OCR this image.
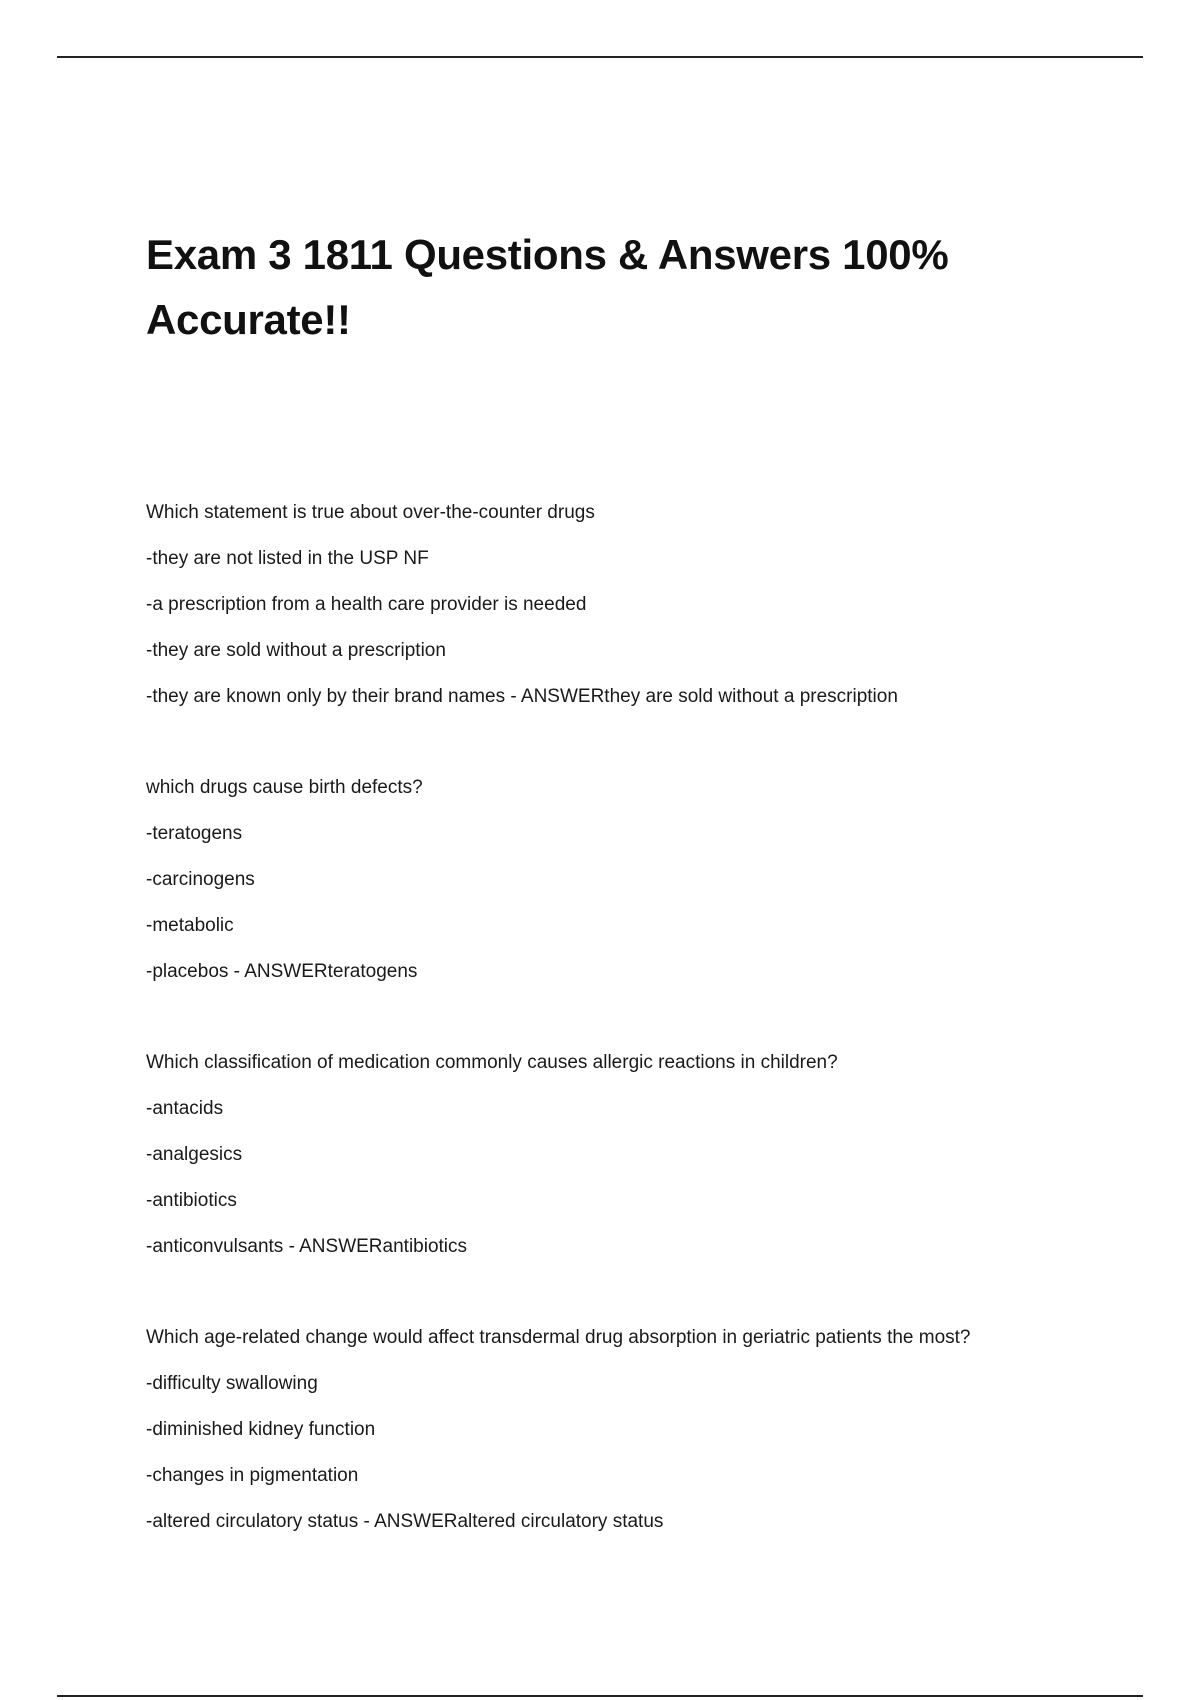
Exam 3 1811 Questions & Answers 100% Accurate!!
Which statement is true about over-the-counter drugs
-they are not listed in the USP NF
-a prescription from a health care provider is needed
-they are sold without a prescription
-they are known only by their brand names - ANSWERthey are sold without a prescription
which drugs cause birth defects?
-teratogens
-carcinogens
-metabolic
-placebos - ANSWERteratogens
Which classification of medication commonly causes allergic reactions in children?
-antacids
-analgesics
-antibiotics
-anticonvulsants - ANSWERantibiotics
Which age-related change would affect transdermal drug absorption in geriatric patients the most?
-difficulty swallowing
-diminished kidney function
-changes in pigmentation
-altered circulatory status - ANSWERaltered circulatory status
